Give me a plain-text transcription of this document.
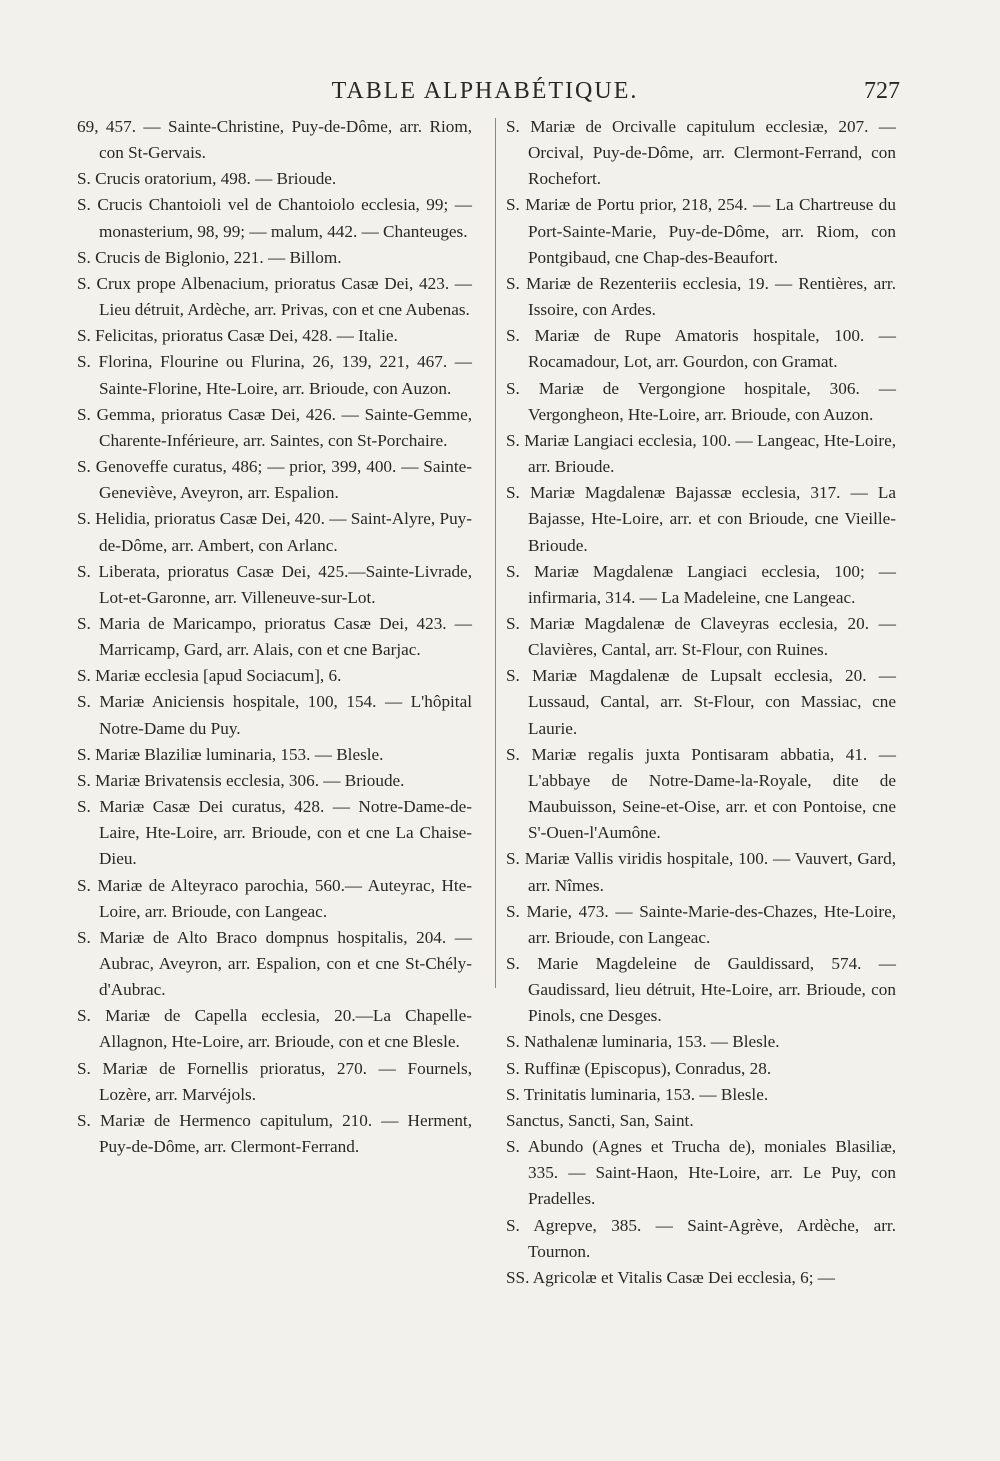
TABLE ALPHABÉTIQUE.	727

69, 457. — Sainte-Christine, Puy-de-Dôme, arr. Riom, con St-Gervais.

S. Crucis oratorium, 498. — Brioude.

S. Crucis Chantoioli vel de Chantoiolo ecclesia, 99; — monasterium, 98, 99; — malum, 442. — Chanteuges.

S. Crucis de Biglonio, 221. — Billom.

S. Crux prope Albenacium, prioratus Casæ Dei, 423. — Lieu détruit, Ardèche, arr. Privas, con et cne Aubenas.

S. Felicitas, prioratus Casæ Dei, 428. — Italie.

S. Florina, Flourine ou Flurina, 26, 139, 221, 467. — Sainte-Florine, Hte-Loire, arr. Brioude, con Auzon.

S. Gemma, prioratus Casæ Dei, 426. — Sainte-Gemme, Charente-Inférieure, arr. Saintes, con St-Porchaire.

S. Genoveffe curatus, 486; — prior, 399, 400. — Sainte-Geneviève, Aveyron, arr. Espalion.

S. Helidia, prioratus Casæ Dei, 420. — Saint-Alyre, Puy-de-Dôme, arr. Ambert, con Arlanc.

S. Liberata, prioratus Casæ Dei, 425.—Sainte-Livrade, Lot-et-Garonne, arr. Villeneuve-sur-Lot.

S. Maria de Maricampo, prioratus Casæ Dei, 423. — Marricamp, Gard, arr. Alais, con et cne Barjac.

S. Mariæ ecclesia [apud Sociacum], 6.

S. Mariæ Aniciensis hospitale, 100, 154. — L'hôpital Notre-Dame du Puy.

S. Mariæ Blaziliæ luminaria, 153. — Blesle.

S. Mariæ Brivatensis ecclesia, 306. — Brioude.

S. Mariæ Casæ Dei curatus, 428. — Notre-Dame-de-Laire, Hte-Loire, arr. Brioude, con et cne La Chaise-Dieu.

S. Mariæ de Alteyraco parochia, 560.— Auteyrac, Hte-Loire, arr. Brioude, con Langeac.

S. Mariæ de Alto Braco dompnus hospitalis, 204. — Aubrac, Aveyron, arr. Espalion, con et cne St-Chély-d'Aubrac.

S. Mariæ de Capella ecclesia, 20.—La Chapelle-Allagnon, Hte-Loire, arr. Brioude, con et cne Blesle.

S. Mariæ de Fornellis prioratus, 270. — Fournels, Lozère, arr. Marvéjols.

S. Mariæ de Hermenco capitulum, 210. — Herment, Puy-de-Dôme, arr. Clermont-Ferrand.

S. Mariæ de Orcivalle capitulum ecclesiæ, 207. — Orcival, Puy-de-Dôme, arr. Clermont-Ferrand, con Rochefort.

S. Mariæ de Portu prior, 218, 254. — La Chartreuse du Port-Sainte-Marie, Puy-de-Dôme, arr. Riom, con Pontgibaud, cne Chap-des-Beaufort.

S. Mariæ de Rezenteriis ecclesia, 19. — Rentières, arr. Issoire, con Ardes.

S. Mariæ de Rupe Amatoris hospitale, 100. — Rocamadour, Lot, arr. Gourdon, con Gramat.

S. Mariæ de Vergongione hospitale, 306. — Vergongheon, Hte-Loire, arr. Brioude, con Auzon.

S. Mariæ Langiaci ecclesia, 100. — Langeac, Hte-Loire, arr. Brioude.

S. Mariæ Magdalenæ Bajassæ ecclesia, 317. — La Bajasse, Hte-Loire, arr. et con Brioude, cne Vieille-Brioude.

S. Mariæ Magdalenæ Langiaci ecclesia, 100; — infirmaria, 314. — La Madeleine, cne Langeac.

S. Mariæ Magdalenæ de Claveyras ecclesia, 20. — Clavières, Cantal, arr. St-Flour, con Ruines.

S. Mariæ Magdalenæ de Lupsalt ecclesia, 20. — Lussaud, Cantal, arr. St-Flour, con Massiac, cne Laurie.

S. Mariæ regalis juxta Pontisaram abbatia, 41. — L'abbaye de Notre-Dame-la-Royale, dite de Maubuisson, Seine-et-Oise, arr. et con Pontoise, cne S'-Ouen-l'Aumône.

S. Mariæ Vallis viridis hospitale, 100. — Vauvert, Gard, arr. Nîmes.

S. Marie, 473. — Sainte-Marie-des-Chazes, Hte-Loire, arr. Brioude, con Langeac.

S. Marie Magdeleine de Gauldissard, 574. — Gaudissard, lieu détruit, Hte-Loire, arr. Brioude, con Pinols, cne Desges.

S. Nathalenæ luminaria, 153. — Blesle.

S. Ruffinæ (Episcopus), Conradus, 28.

S. Trinitatis luminaria, 153. — Blesle.

Sanctus, Sancti, San, Saint.

S. Abundo (Agnes et Trucha de), moniales Blasiliæ, 335. — Saint-Haon, Hte-Loire, arr. Le Puy, con Pradelles.

S. Agrepve, 385. — Saint-Agrève, Ardèche, arr. Tournon.

SS. Agricolæ et Vitalis Casæ Dei ecclesia, 6; —
